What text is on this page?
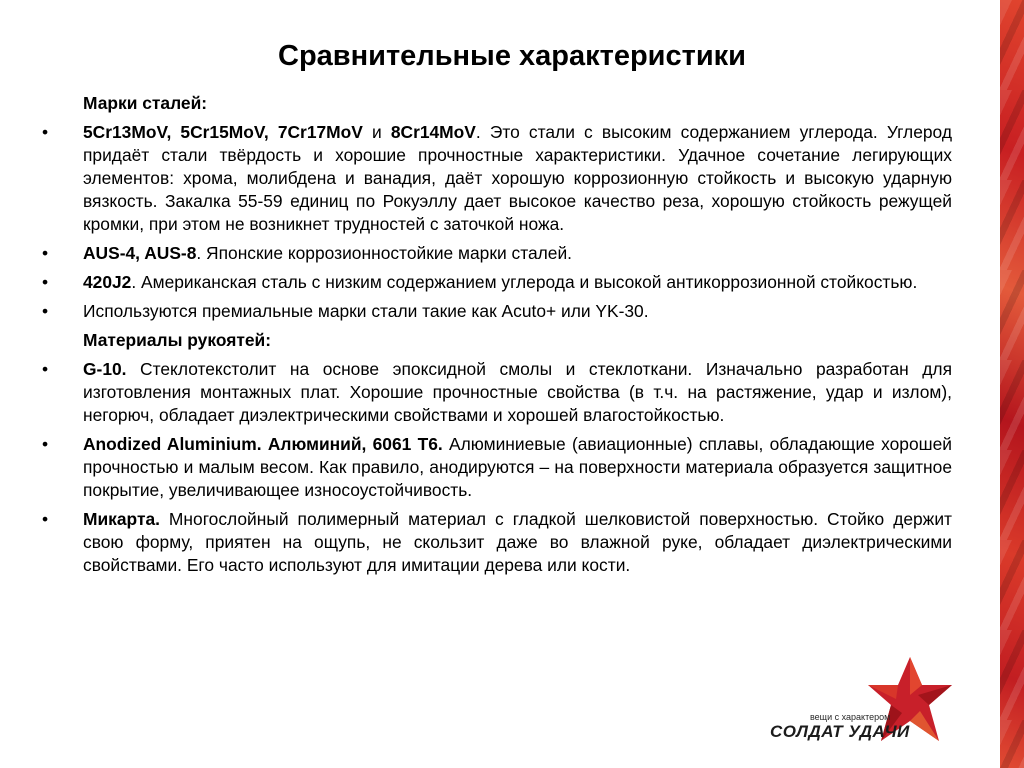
Сравнительные характеристики
Марки сталей:
• 5Cr13MoV, 5Cr15MoV, 7Cr17MoV и 8Cr14MoV. Это стали с высоким содержанием углерода. Углерод придаёт стали твёрдость и хорошие прочностные характеристики. Удачное сочетание легирующих элементов: хрома, молибдена и ванадия, даёт хорошую коррозионную стойкость и высокую ударную вязкость. Закалка 55-59 единиц по Рокуэллу дает высокое качество реза, хорошую стойкость режущей кромки, при этом не возникнет трудностей с заточкой ножа.
• AUS-4, AUS-8. Японские коррозионностойкие марки сталей.
• 420J2. Американская сталь с низким содержанием углерода и высокой антикоррозионной стойкостью.
• Используются премиальные марки стали такие как Acuto+ или YK-30.
Материалы рукоятей:
• G-10. Стеклотекстолит на основе эпоксидной смолы и стеклоткани. Изначально разработан для изготовления монтажных плат. Хорошие прочностные свойства (в т.ч. на растяжение, удар и излом), негорюч, обладает диэлектрическими свойствами и хорошей влагостойкостью.
• Anodized Aluminium. Алюминий, 6061 T6. Алюминиевые (авиационные) сплавы, обладающие хорошей прочностью и малым весом. Как правило, анодируются – на поверхности материала образуется защитное покрытие, увеличивающее износоустойчивость.
• Микарта. Многослойный полимерный материал с гладкой шелковистой поверхностью. Стойко держит свою форму, приятен на ощупь, не скользит даже во влажной руке, обладает диэлектрическими свойствами. Его часто используют для имитации дерева или кости.
вещи с характером
СОЛДАТ УДАЧИ
